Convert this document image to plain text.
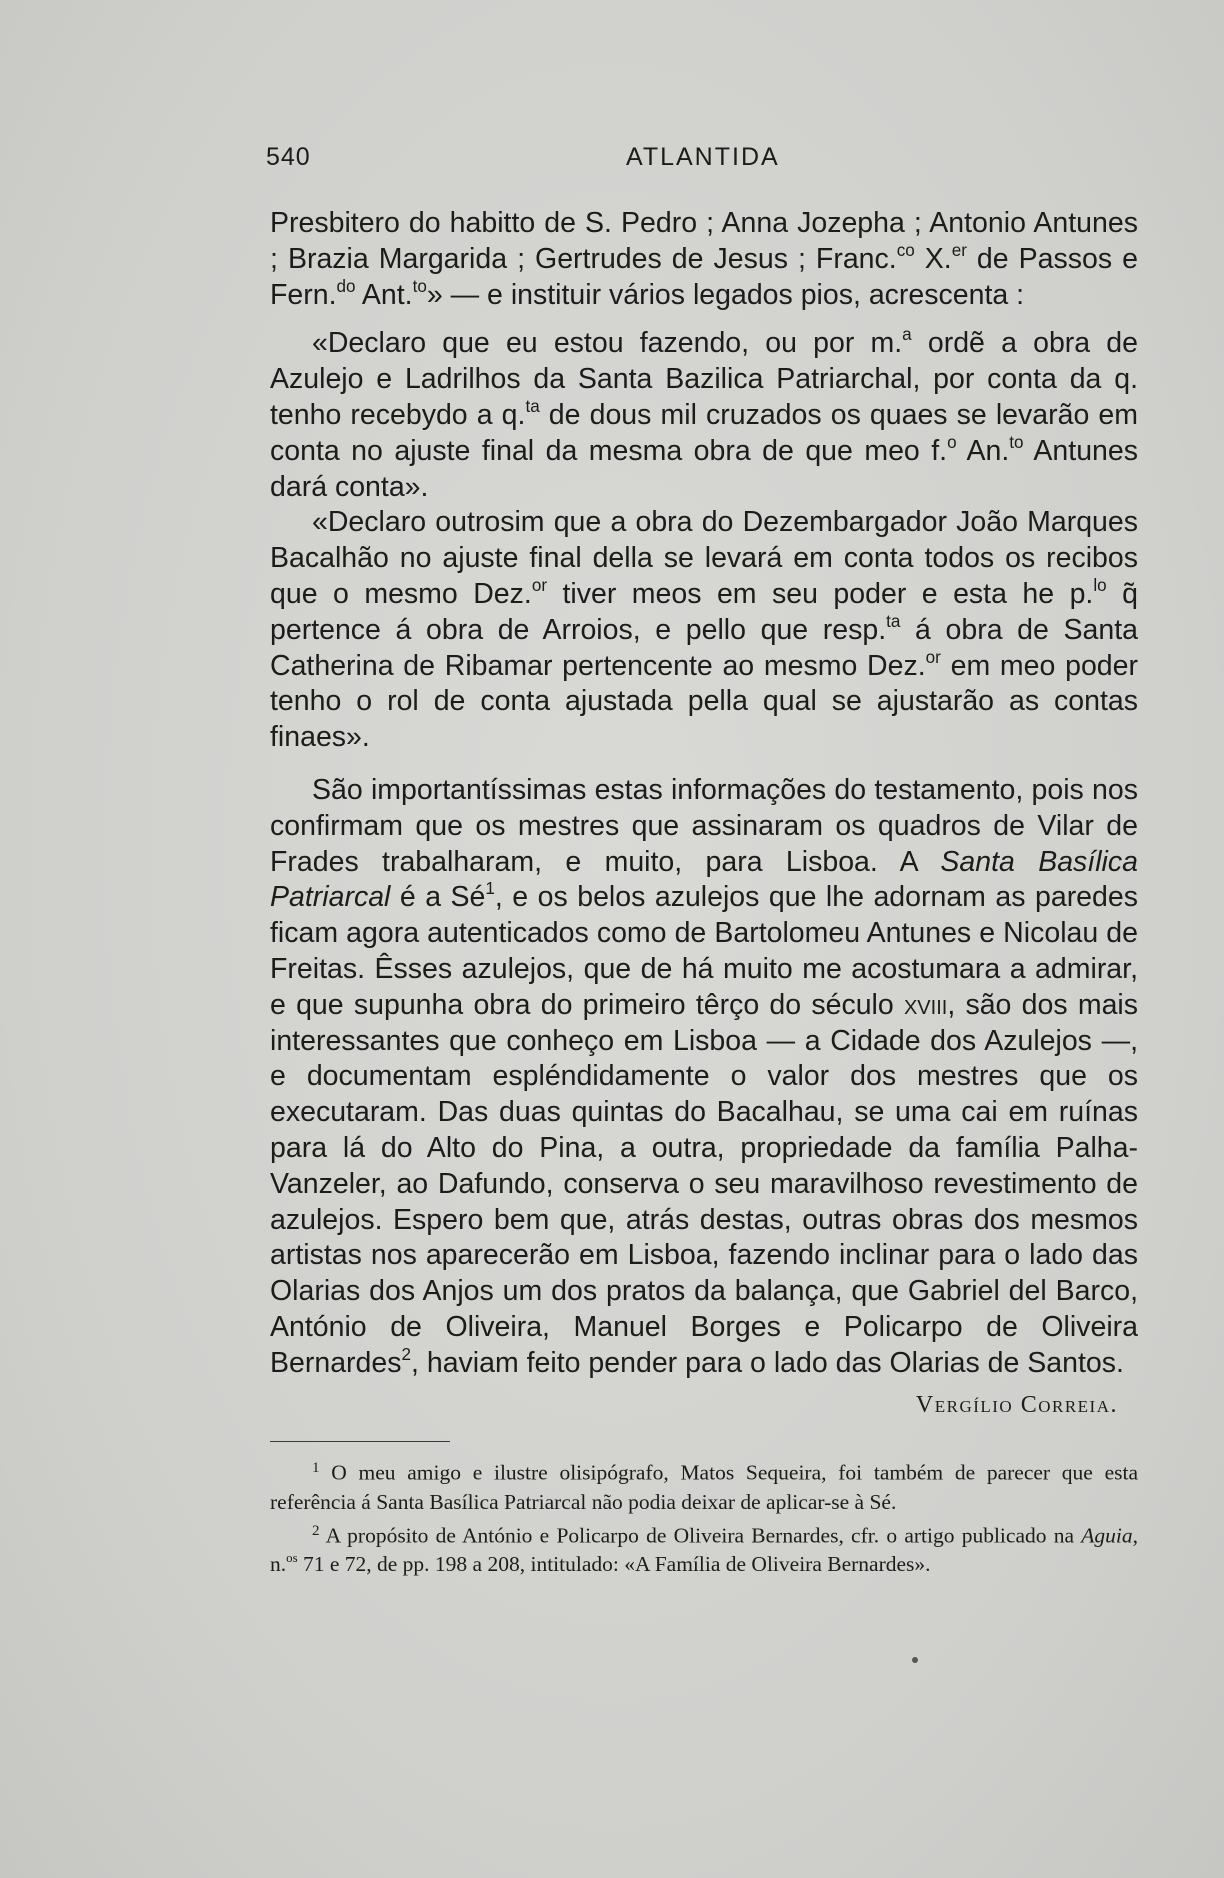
540	ATLANTIDA

Presbitero do habitto de S. Pedro ; Anna Jozepha ; Antonio Antunes ; Brazia Margarida ; Gertrudes de Jesus ; Franc.$^{co}$ X.$^{er}$ de Passos e Fern.$^{do}$ Ant.$^{to}$» — e instituir vários legados pios, acrescenta :

«Declaro que eu estou fazendo, ou por m.$^a$ ordẽ a obra de Azulejo e Ladrilhos da Santa Bazilica Patriarchal, por conta da q. tenho recebydo a q.$^{ta}$ de dous mil cruzados os quaes se levarão em conta no ajuste final da mesma obra de que meo f.$^o$ An.$^{to}$ Antunes dará conta».

«Declaro outrosim que a obra do Dezembargador João Marques Bacalhão no ajuste final della se levará em conta todos os recibos que o mesmo Dez.$^{or}$ tiver meos em seu poder e esta he p.$^{lo}$ q̃ pertence á obra de Arroios, e pello que resp.$^{ta}$ á obra de Santa Catherina de Ribamar pertencente ao mesmo Dez.$^{or}$ em meo poder tenho o rol de conta ajustada pella qual se ajustarão as contas finaes».

São importantíssimas estas informações do testamento, pois nos confirmam que os mestres que assinaram os quadros de Vilar de Frades trabalharam, e muito, para Lisboa. A Santa Basílica Patriarcal é a $Sé^1$, e os belos azulejos que lhe adornam as paredes ficam agora autenticados como de Bartolomeu Antunes e Nicolau de Freitas. Êsses azulejos, que de há muito me acostumara a admirar, e que supunha obra do primeiro têrço do século xviii, são dos mais interessantes que conheço em Lisboa — a Cidade dos Azulejos —, e documentam espléndidamente o valor dos mestres que os executaram. Das duas quintas do Bacalhau, se uma cai em ruínas para lá do Alto do Pina, a outra, propriedade da família Palha-Vanzeler, ao Dafundo, conserva o seu maravilhoso revestimento de azulejos. Espero bem que, atrás destas, outras obras dos mesmos artistas nos aparecerão em Lisboa, fazendo inclinar para o lado das Olarias dos Anjos um dos pratos da balança, que Gabriel del Barco, António de Oliveira, Manuel Borges e Policarpo de Oliveira Bernardes$^2$, haviam feito pender para o lado das Olarias de Santos.

Vergílio Correia.

$^1$ O meu amigo e ilustre olisipógrafo, Matos Sequeira, foi também de parecer que esta referência á Santa Basílica Patriarcal não podia deixar de aplicar-se à Sé.

$^2$ A propósito de António e Policarpo de Oliveira Bernardes, cfr. o artigo publicado na Aguia, n.$^{os}$ 71 e 72, de pp. 198 a 208, intitulado: «A Família de Oliveira Bernardes».
